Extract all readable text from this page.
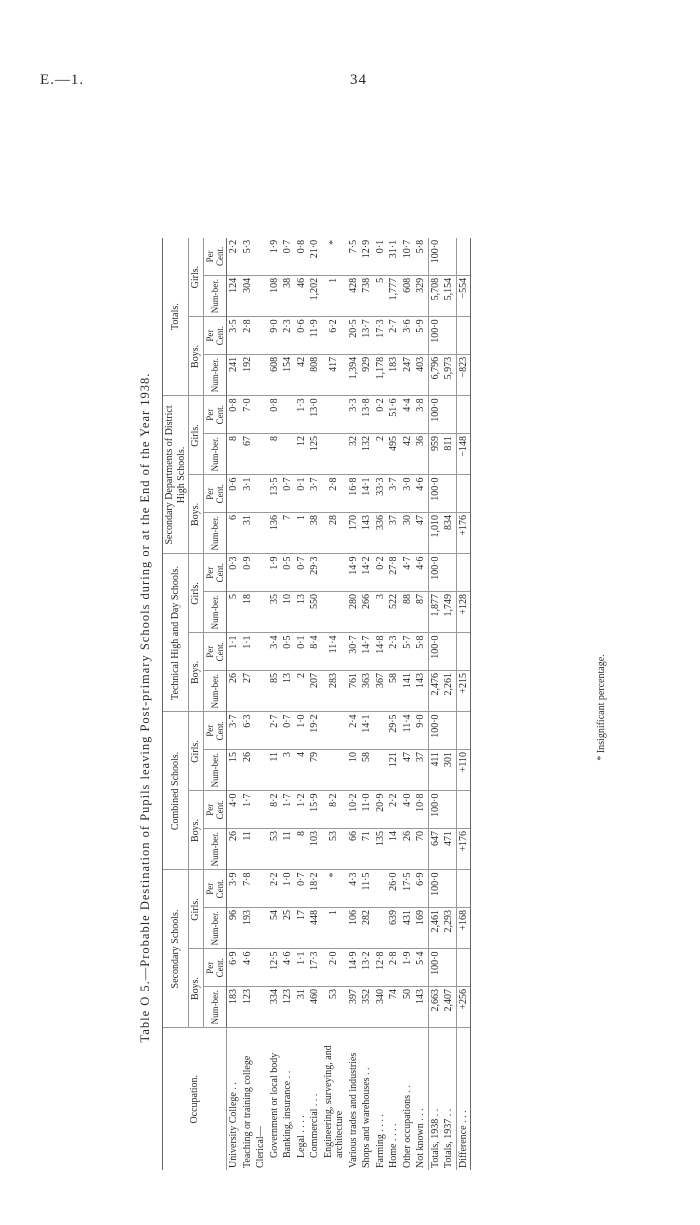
E.—1.	34
Table O 5.—Probable Destination of Pupils leaving Post-primary Schools during or at the End of the Year 1938.
Occupation.	Secondary Schools.				Combined Schools.				Technical High and Day Schools.				Secondary Departments of District High Schools.				Totals.			
	Boys.		Girls.		Boys.		Girls.		Boys.		Girls.		Boys.		Girls.		Boys.		Girls.	
	Num-ber.	Per Cent.	Num-ber.	Per Cent.	Num-ber.	Per Cent.	Num-ber.	Per Cent.	Num-ber.	Per Cent.	Num-ber.	Per Cent.	Num-ber.	Per Cent.	Num-ber.	Per Cent.	Num-ber.	Per Cent.	Num-ber.	Per Cent.
University College . .	183	6·9	96	3·9	26	4·0	15	3·7	26	1·1	5	0·3	6	0·6	8	0·8	241	3·5	124	2·2
Teaching or training college	123	4·6	193	7·8	11	1·7	26	6·3	27	1·1	18	0·9	31	3·1	67	7·0	192	2·8	304	5·3
Clerical—																				
Government or local body	334	12·5	54	2·2	53	8·2	11	2·7	85	3·4	35	1·9	136	13·5	8	0·8	608	9·0	108	1·9
Banking, insurance . .	123	4·6	25	1·0	11	1·7	3	0·7	13	0·5	10	0·5	7	0·7			154	2·3	38	0·7
Legal . . . .	31	1·1	17	0·7	8	1·2	4	1·0	2	0·1	13	0·7	1	0·1	12	1·3	42	0·6	46	0·8
Commercial . . .	460	17·3	448	18·2	103	15·9	79	19·2	207	8·4	550	29·3	38	3·7	125	13·0	808	11·9	1,202	21·0
Engineering, surveying, and architecture	53	2·0	1	*	53	8·2			283	11·4			28	2·8			417	6·2	1	*
Various trades and industries	397	14·9	106	4·3	66	10·2	10	2·4	761	30·7	280	14·9	170	16·8	32	3·3	1,394	20·5	428	7·5
Shops and warehouses . .	352	13·2	282	11·5	71	11·0	58	14·1	363	14·7	266	14·2	143	14·1	132	13·8	929	13·7	738	12·9
Farming . . . .	340	12·8			135	20·9			367	14·8	3	0·2	336	33·3	2	0·2	1,178	17·3	5	0·1
Home . . . .	74	2·8	639	26·0	14	2·2	121	29·5	58	2·3	522	27·8	37	3·7	495	51·6	183	2·7	1,777	31·1
Other occupations . .	50	1·9	431	17·5	26	4·0	47	11·4	141	5·7	88	4·7	30	3·0	42	4·4	247	3·6	608	10·7
Not known . . .	143	5·4	169	6·9	70	10·8	37	9·0	143	5·8	87	4·6	47	4·6	36	3·8	403	5·9	329	5·8
Totals, 1938 . .	2,663	100·0	2,461	100·0	647	100·0	411	100·0	2,476	100·0	1,877	100·0	1,010	100·0	959	100·0	6,796	100·0	5,708	100·0
Totals, 1937 . .	2,407		2,293		471		301		2,261		1,749		834		811		5,973		5,154	
Difference . . .	+256		+168		+176		+110		+215		+128		+176		−148		−823		−554	
* Insignificant percentage.
